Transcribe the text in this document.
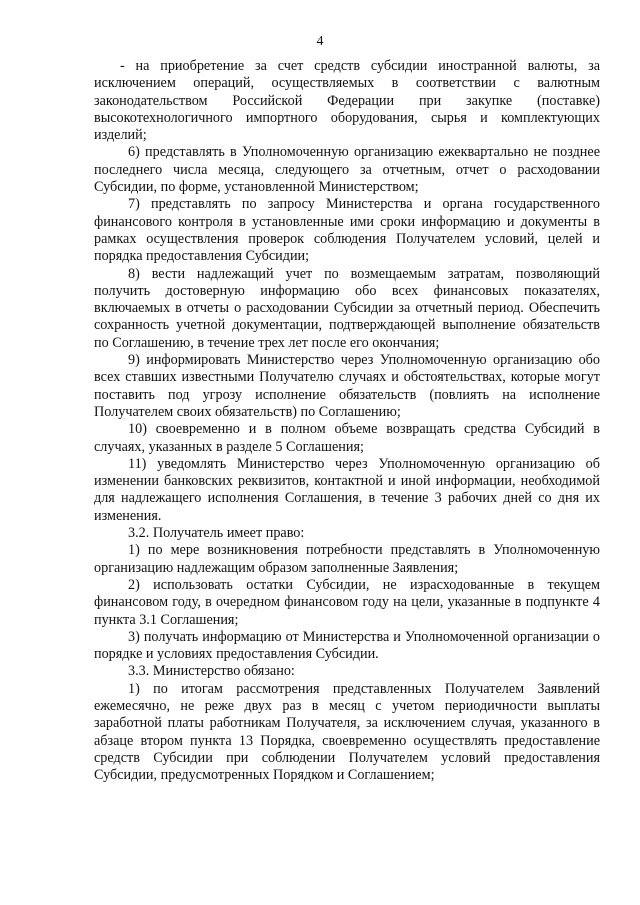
4

- на приобретение за счет средств субсидии иностранной валюты, за исключением операций, осуществляемых в соответствии с валютным законодательством Российской Федерации при закупке (поставке) высокотехнологичного импортного оборудования, сырья и комплектующих изделий;

6) представлять в Уполномоченную организацию ежеквартально не позднее последнего числа месяца, следующего за отчетным, отчет о расходовании Субсидии, по форме, установленной Министерством;

7) представлять по запросу Министерства и органа государственного финансового контроля в установленные ими сроки информацию и документы в рамках осуществления проверок соблюдения Получателем условий, целей и порядка предоставления Субсидии;

8) вести надлежащий учет по возмещаемым затратам, позволяющий получить достоверную информацию обо всех финансовых показателях, включаемых в отчеты о расходовании Субсидии за отчетный период. Обеспечить сохранность учетной документации, подтверждающей выполнение обязательств по Соглашению, в течение трех лет после его окончания;

9) информировать Министерство через Уполномоченную организацию обо всех ставших известными Получателю случаях и обстоятельствах, которые могут поставить под угрозу исполнение обязательств (повлиять на исполнение Получателем своих обязательств) по Соглашению;

10) своевременно и в полном объеме возвращать средства Субсидий в случаях, указанных в разделе 5 Соглашения;

11) уведомлять Министерство через Уполномоченную организацию об изменении банковских реквизитов, контактной и иной информации, необходимой для надлежащего исполнения Соглашения, в течение 3 рабочих дней со дня их изменения.

3.2. Получатель имеет право:

1) по мере возникновения потребности представлять в Уполномоченную организацию надлежащим образом заполненные Заявления;

2) использовать остатки Субсидии, не израсходованные в текущем финансовом году, в очередном финансовом году на цели, указанные в подпункте 4 пункта 3.1 Соглашения;

3) получать информацию от Министерства и Уполномоченной организации о порядке и условиях предоставления Субсидии.

3.3. Министерство обязано:

1) по итогам рассмотрения представленных Получателем Заявлений ежемесячно, не реже двух раз в месяц с учетом периодичности выплаты заработной платы работникам Получателя, за исключением случая, указанного в абзаце втором пункта 13 Порядка, своевременно осуществлять предоставление средств Субсидии при соблюдении Получателем условий предоставления Субсидии, предусмотренных Порядком и Соглашением;
